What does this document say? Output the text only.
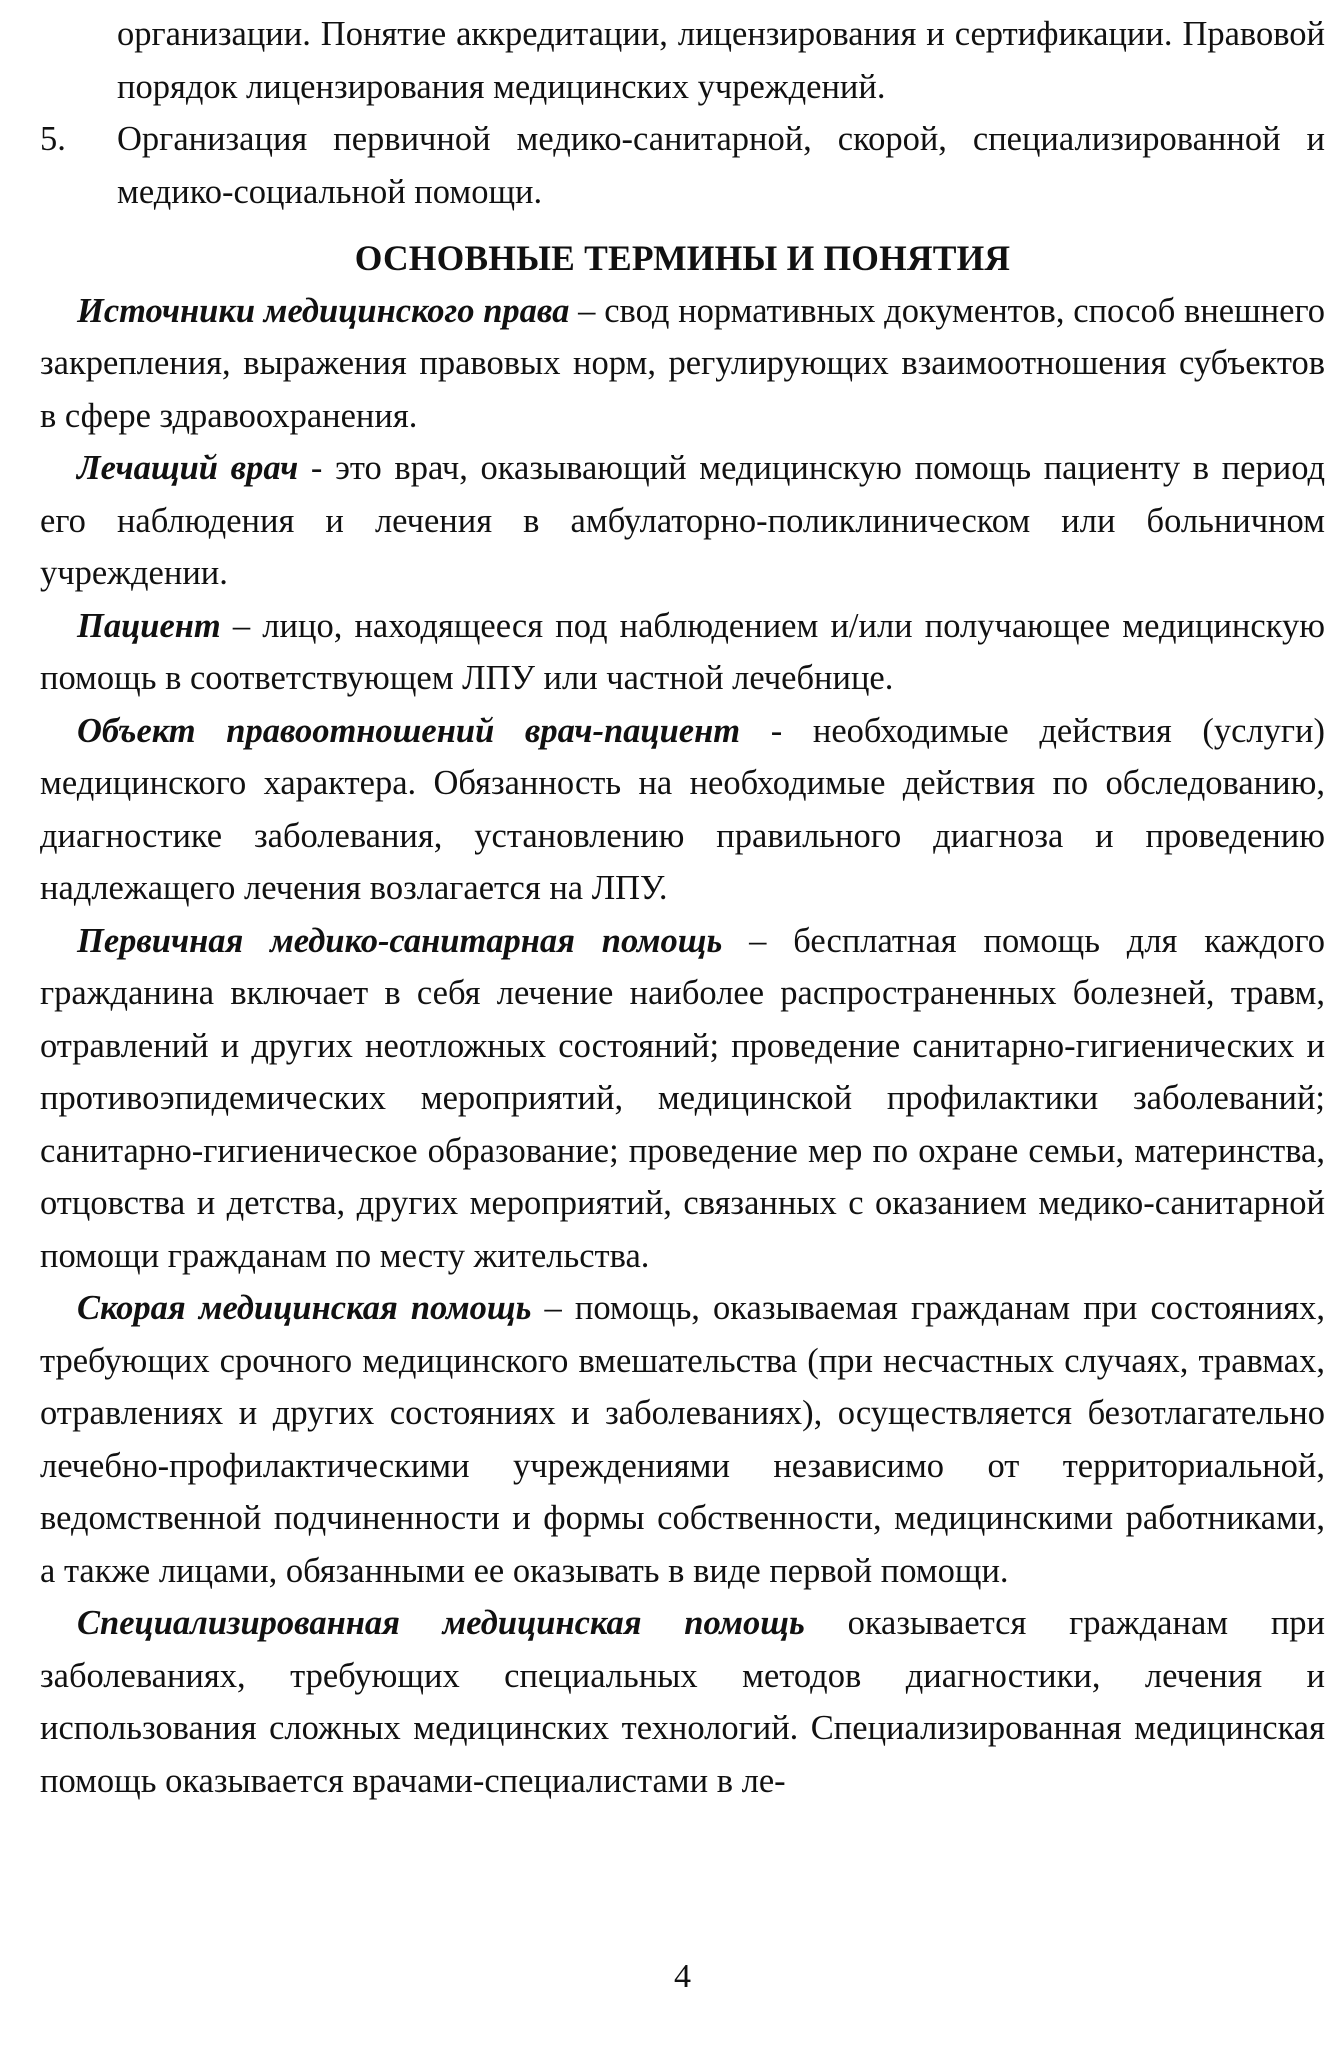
организации. Понятие аккредитации, лицензирования и сертификации. Правовой порядок лицензирования медицинских учреждений.

5.	Организация первичной медико-санитарной, скорой, специализированной и медико-социальной помощи.
ОСНОВНЫЕ ТЕРМИНЫ И ПОНЯТИЯ

Источники медицинского права – свод нормативных документов, способ внешнего закрепления, выражения правовых норм, регулирующих взаимоотношения субъектов в сфере здравоохранения.

Лечащий врач - это врач, оказывающий медицинскую помощь пациенту в период его наблюдения и лечения в амбулаторно-поликлиническом или больничном учреждении.

Пациент – лицо, находящееся под наблюдением и/или получающее медицинскую помощь в соответствующем ЛПУ или частной лечебнице.

Объект правоотношений врач-пациент - необходимые действия (услуги) медицинского характера. Обязанность на необходимые действия по обследованию, диагностике заболевания, установлению правильного диагноза и проведению надлежащего лечения возлагается на ЛПУ.

Первичная медико-санитарная помощь – бесплатная помощь для каждого гражданина включает в себя лечение наиболее распространенных болезней, травм, отравлений и других неотложных состояний; проведение санитарно-гигиенических и противоэпидемических мероприятий, медицинской профилактики заболеваний; санитарно-гигиеническое образование; проведение мер по охране семьи, материнства, отцовства и детства, других мероприятий, связанных с оказанием медико-санитарной помощи гражданам по месту жительства.

Скорая медицинская помощь – помощь, оказываемая гражданам при состояниях, требующих срочного медицинского вмешательства (при несчастных случаях, травмах, отравлениях и других состояниях и заболеваниях), осуществляется безотлагательно лечебно-профилактическими учреждениями независимо от территориальной, ведомственной подчиненности и формы собственности, медицинскими работниками, а также лицами, обязанными ее оказывать в виде первой помощи.

Специализированная медицинская помощь оказывается гражданам при заболеваниях, требующих специальных методов диагностики, лечения и использования сложных медицинских технологий. Специализированная медицинская помощь оказывается врачами-специалистами в ле-

4
